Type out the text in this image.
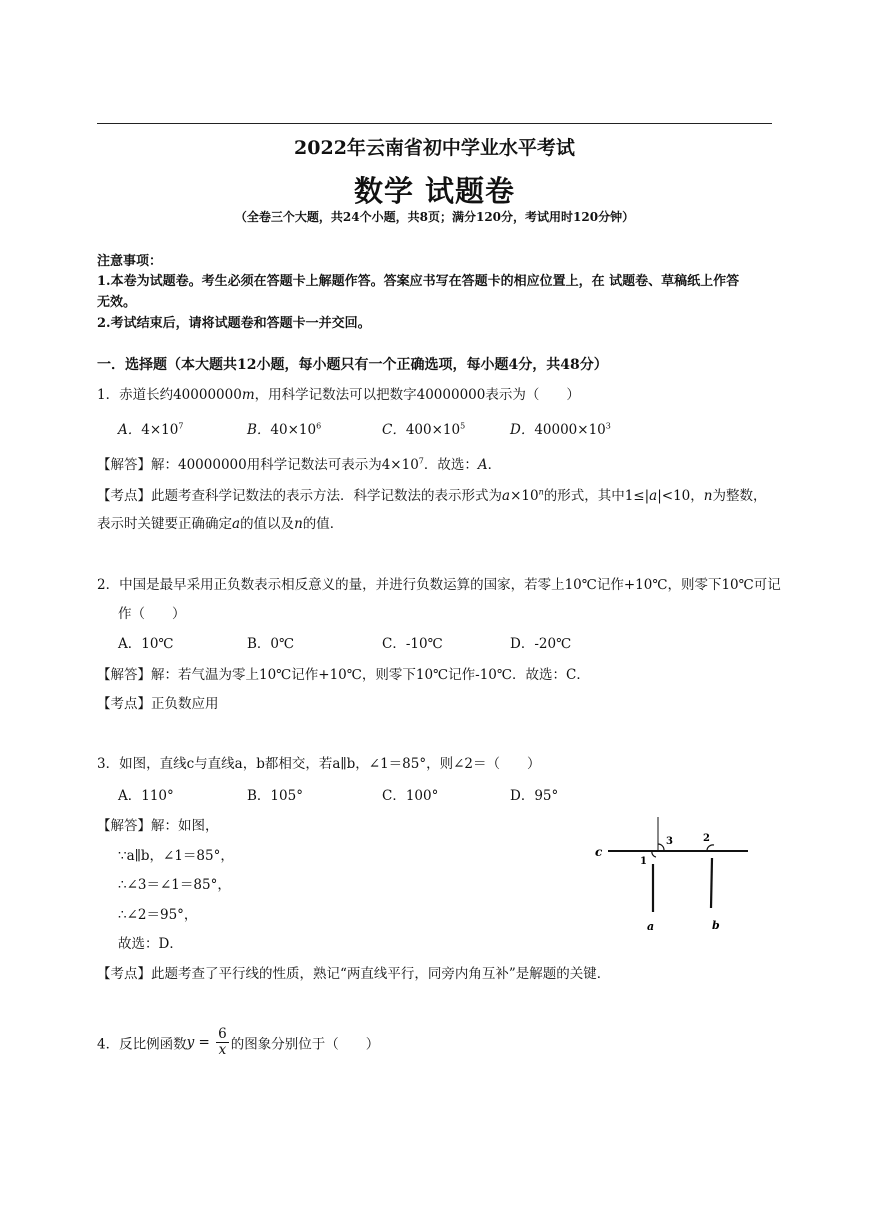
2022年云南省初中学业水平考试
数学 试题卷
（全卷三个大题，共24个小题，共8页；满分120分，考试用时120分钟）
注意事项：
1.本卷为试题卷。考生必须在答题卡上解题作答。答案应书写在答题卡的相应位置上，在 试题卷、草稿纸上作答
无效。
2.考试结束后，请将试题卷和答题卡一并交回。
一．选择题（本大题共12小题，每小题只有一个正确选项，每小题4分，共48分）
1．赤道长约40000000m，用科学记数法可以把数字40000000表示为（　　）
A．$4\times 10^7$	B．$40\times 10^6$	C．$400\times 10^5$	D．$40000\times 10^3$
【解答】解：40000000用科学记数法可表示为$4\times 10^7$．故选：A．
【考点】此题考查科学记数法的表示方法．科学记数法的表示形式为$a\times 10^n$的形式，其中1≤|a|<10，n为整数，
表示时关键要正确确定a的值以及n的值．
2．中国是最早采用正负数表示相反意义的量，并进行负数运算的国家，若零上10℃记作+10℃，则零下10℃可记
作（　　）
A．10℃	B．0℃	C．-10℃	D．-20℃
【解答】解：若气温为零上10℃记作+10℃，则零下10℃记作-10℃．故选：C．
【考点】正负数应用
3．如图，直线c与直线a，b都相交，若a∥b，∠1＝85°，则∠2＝（　　）
A．110°	B．105°	C．100°	D．95°
【解答】解：如图，
∵a∥b，∠1＝85°，
∴∠3＝∠1＝85°，
∴∠2＝95°，
故选：D．
【考点】此题考查了平行线的性质，熟记“两直线平行，同旁内角互补”是解题的关键．
c
1
3	2
a	b
4．反比例函数$y = \frac{6}{x}$ 的图象分别位于（　　）
